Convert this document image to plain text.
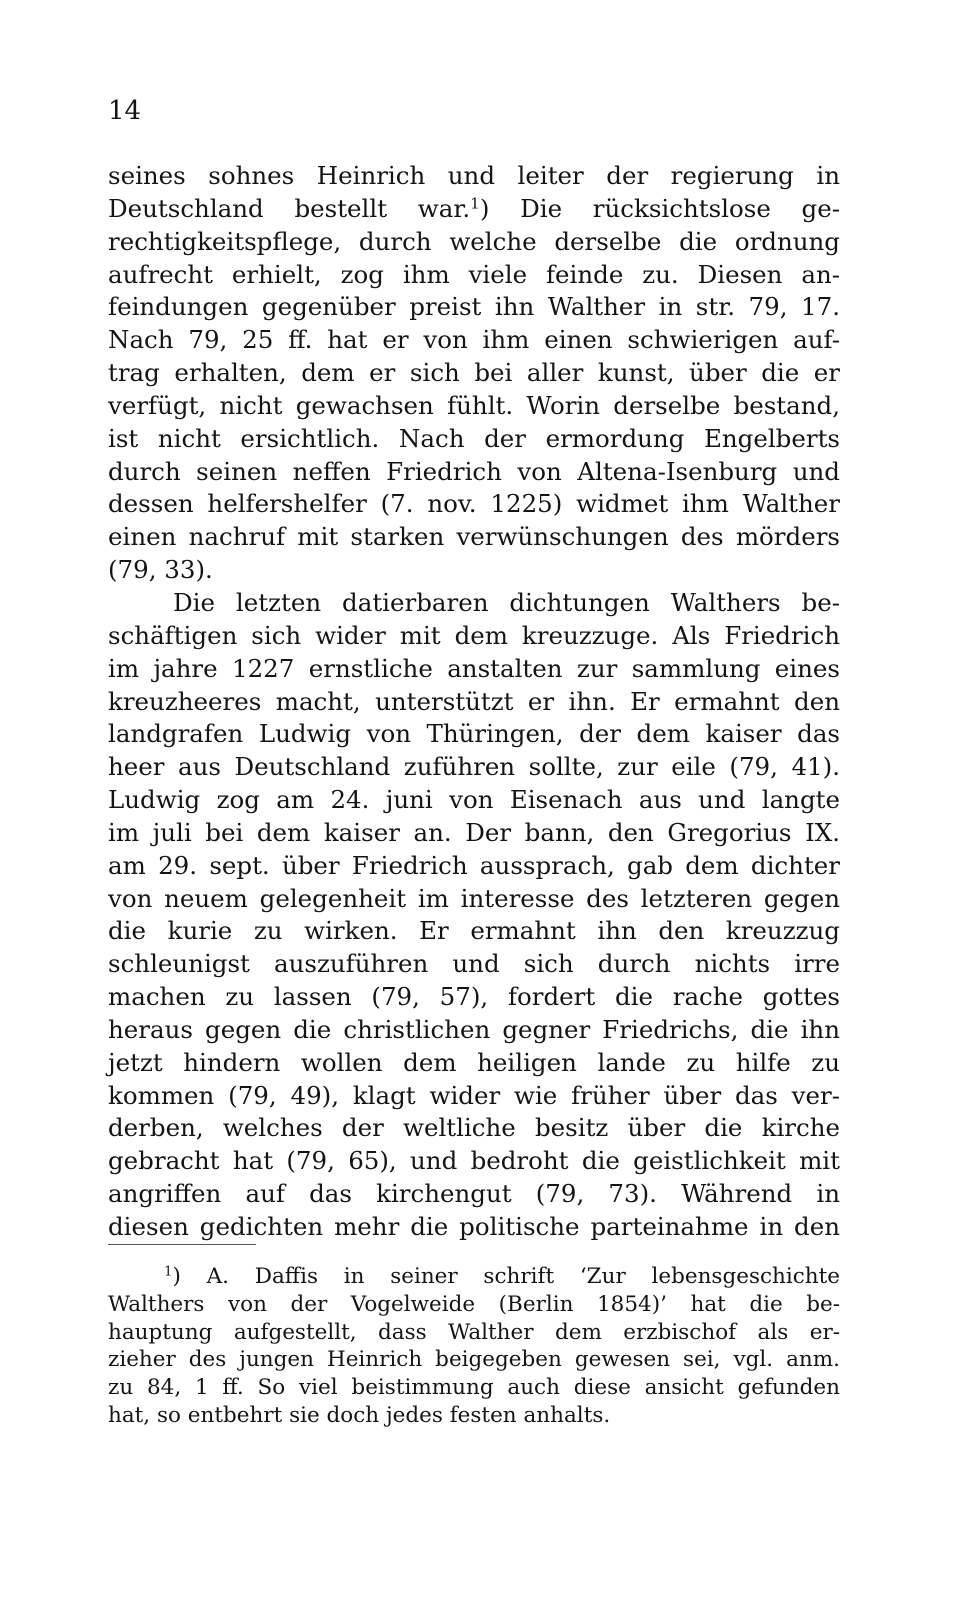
14
seines sohnes Heinrich und leiter der regierung in
Deutschland bestellt war.$^1$) Die rücksichtslose ge-
rechtigkeitspflege, durch welche derselbe die ordnung
aufrecht erhielt, zog ihm viele feinde zu. Diesen an-
feindungen gegenüber preist ihn Walther in str. 79, 17.
Nach 79, 25 ff. hat er von ihm einen schwierigen auf-
trag erhalten, dem er sich bei aller kunst, über die er
verfügt, nicht gewachsen fühlt. Worin derselbe bestand,
ist nicht ersichtlich. Nach der ermordung Engelberts
durch seinen neffen Friedrich von Altena-Isenburg und
dessen helfershelfer (7. nov. 1225) widmet ihm Walther
einen nachruf mit starken verwünschungen des mörders
(79, 33).
Die letzten datierbaren dichtungen Walthers be-
schäftigen sich wider mit dem kreuzzuge. Als Friedrich
im jahre 1227 ernstliche anstalten zur sammlung eines
kreuzheeres macht, unterstützt er ihn. Er ermahnt den
landgrafen Ludwig von Thüringen, der dem kaiser das
heer aus Deutschland zuführen sollte, zur eile (79, 41).
Ludwig zog am 24. juni von Eisenach aus und langte
im juli bei dem kaiser an. Der bann, den Gregorius IX.
am 29. sept. über Friedrich aussprach, gab dem dichter
von neuem gelegenheit im interesse des letzteren gegen
die kurie zu wirken. Er ermahnt ihn den kreuzzug
schleunigst auszuführen und sich durch nichts irre
machen zu lassen (79, 57), fordert die rache gottes
heraus gegen die christlichen gegner Friedrichs, die ihn
jetzt hindern wollen dem heiligen lande zu hilfe zu
kommen (79, 49), klagt wider wie früher über das ver-
derben, welches der weltliche besitz über die kirche
gebracht hat (79, 65), und bedroht die geistlichkeit mit
angriffen auf das kirchengut (79, 73). Während in
diesen gedichten mehr die politische parteinahme in den
$^1$) A. Daffis in seiner schrift ‘Zur lebensgeschichte
Walthers von der Vogelweide (Berlin 1854)’ hat die be-
hauptung aufgestellt, dass Walther dem erzbischof als er-
zieher des jungen Heinrich beigegeben gewesen sei, vgl. anm.
zu 84, 1 ff. So viel beistimmung auch diese ansicht gefunden
hat, so entbehrt sie doch jedes festen anhalts.
